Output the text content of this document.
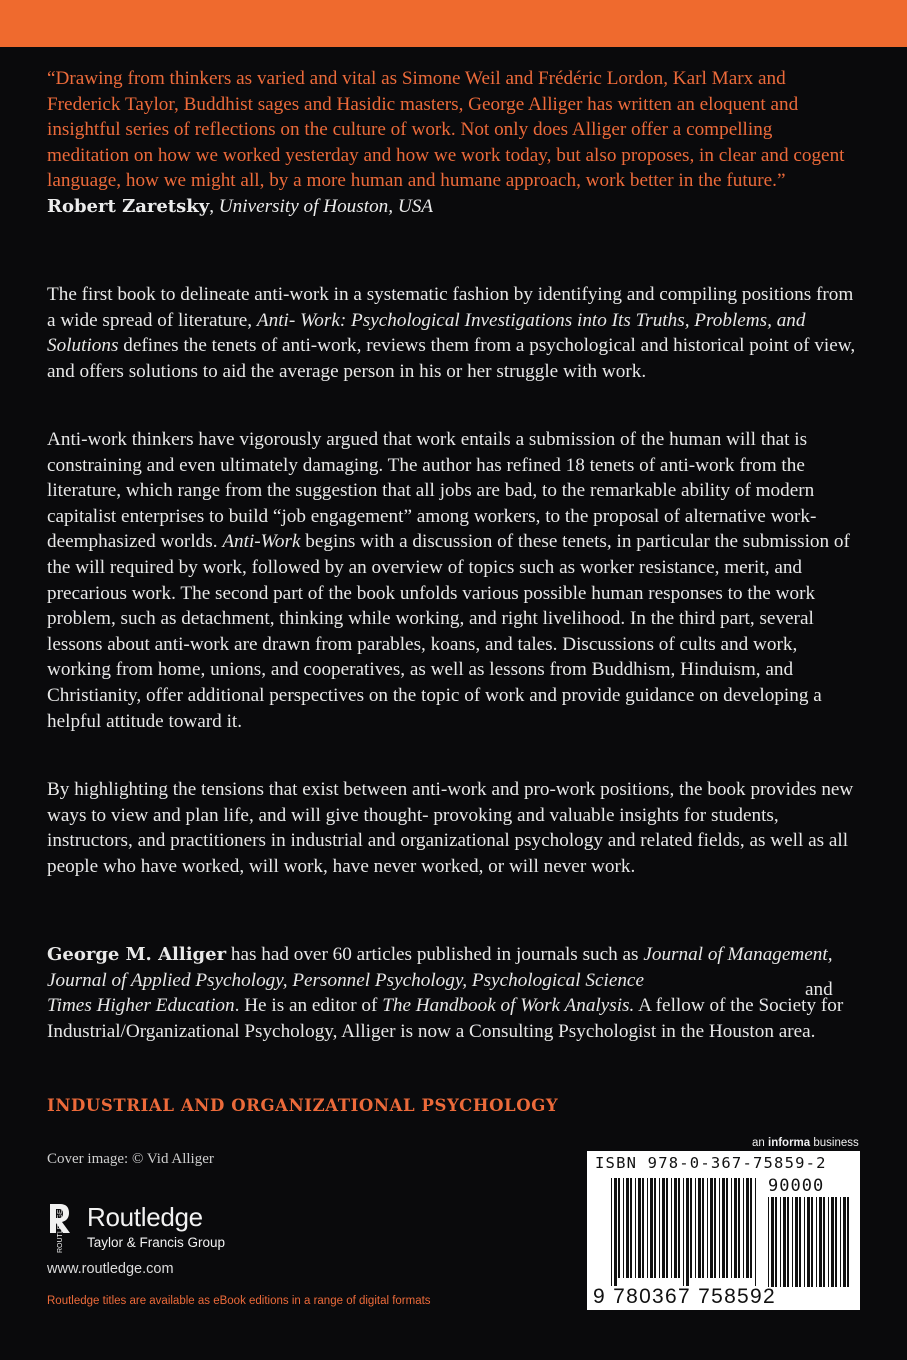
“Drawing from thinkers as varied and vital as Simone Weil and Frédéric Lordon, Karl Marx and Frederick Taylor, Buddhist sages and Hasidic masters, George Alliger has written an eloquent and insightful series of reflections on the culture of work. Not only does Alliger offer a compelling meditation on how we worked yesterday and how we work today, but also proposes, in clear and cogent language, how we might all, by a more human and humane approach, work better in the future.”

Robert Zaretsky, University of Houston, USA

The first book to delineate anti-work in a systematic fashion by identifying and compiling positions from a wide spread of literature, Anti- Work: Psychological Investigations into Its Truths, Problems, and Solutions defines the tenets of anti-work, reviews them from a psychological and historical point of view, and offers solutions to aid the average person in his or her struggle with work.

Anti-work thinkers have vigorously argued that work entails a submission of the human will that is constraining and even ultimately damaging. The author has refined 18 tenets of anti-work from the literature, which range from the suggestion that all jobs are bad, to the remarkable ability of modern capitalist enterprises to build “job engagement” among workers, to the proposal of alternative work- deemphasized worlds. Anti-Work begins with a discussion of these tenets, in particular the submission of the will required by work, followed by an overview of topics such as worker resistance, merit, and precarious work. The second part of the book unfolds various possible human responses to the work problem, such as detachment, thinking while working, and right livelihood. In the third part, several lessons about anti-work are drawn from parables, koans, and tales. Discussions of cults and work, working from home, unions, and cooperatives, as well as lessons from Buddhism, Hinduism, and Christianity, offer additional perspectives on the topic of work and provide guidance on developing a helpful attitude toward it.

By highlighting the tensions that exist between anti-work and pro-work positions, the book provides new ways to view and plan life, and will give thought- provoking and valuable insights for students, instructors, and practitioners in industrial and organizational psychology and related fields, as well as all people who have worked, will work, have never worked, or will never work.

George M. Alliger has had over 60 articles published in journals such as Journal of Management, Journal of Applied Psychology, Personnel Psychology, Psychological Science
Times Higher Education. He is an editor of The Handbook of Work Analysis. A fellow of the Society for Industrial/Organizational Psychology, Alliger is now a Consulting Psychologist in the Houston area.

and
INDUSTRIAL AND ORGANIZATIONAL PSYCHOLOGY
Cover image: © Vid Alliger
ROUTLEDGE Routledge
Taylor & Francis Group
www.routledge.com
Routledge titles are available as eBook editions in a range of digital formats
an informa business
ISBN 978-0-367-75859-2
90000
9 780367 758592
